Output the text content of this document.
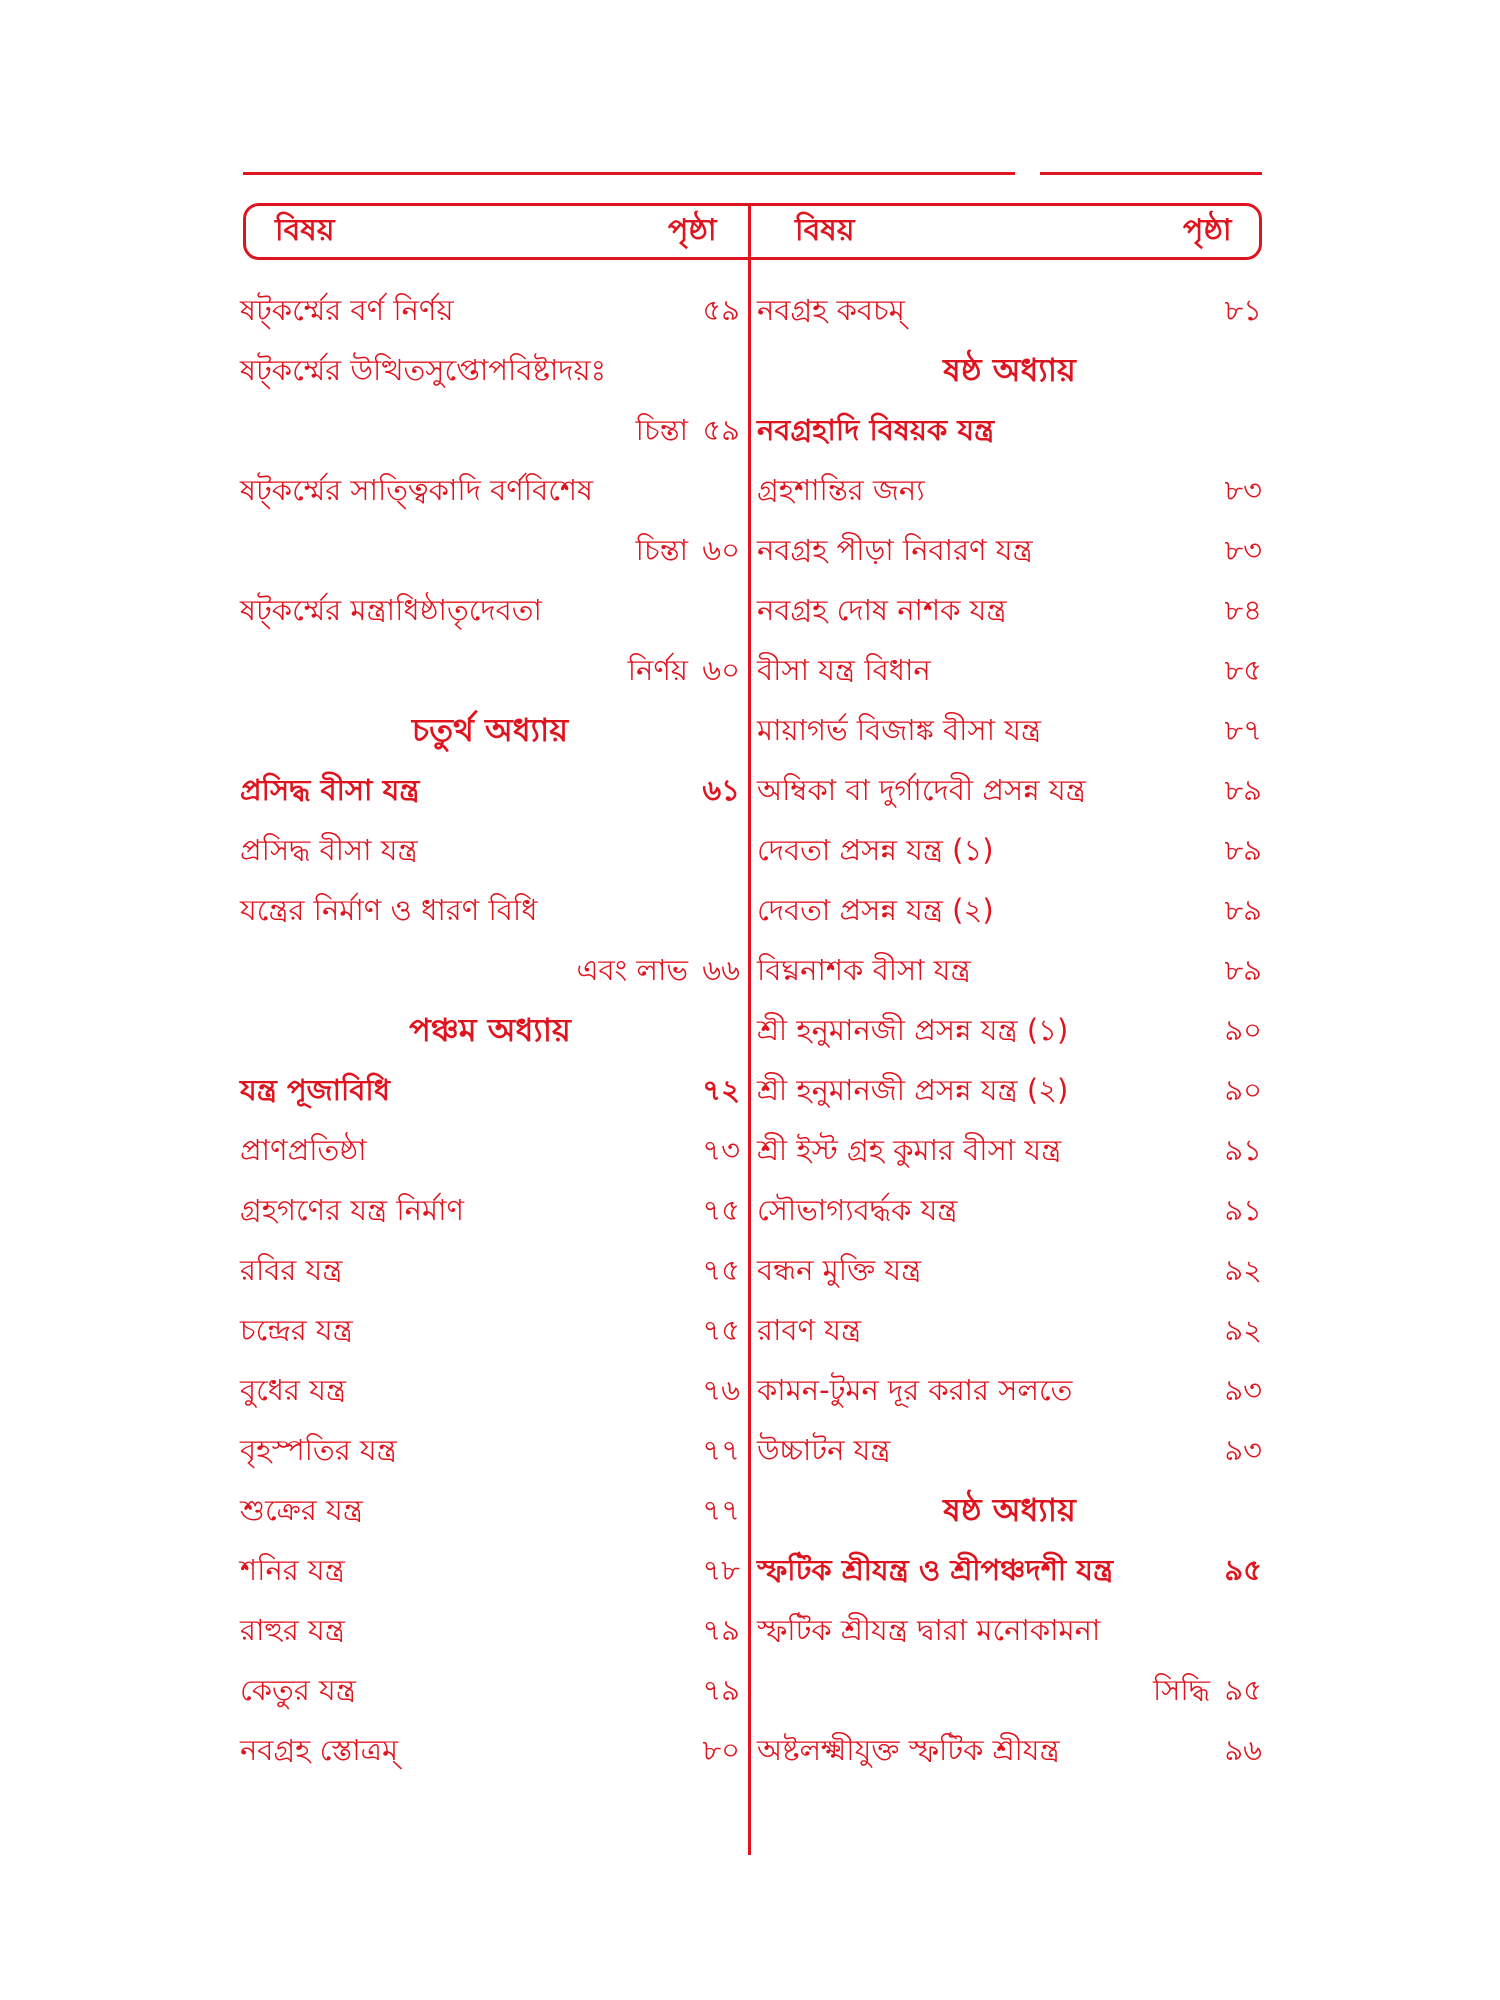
বিষয়	পৃষ্ঠা	বিষয়	পৃষ্ঠা
ষট্‌কর্ম্মের বর্ণ নির্ণয়	৫৯
ষট্‌কর্ম্মের উত্থিতসুপ্তোপবিষ্টাদয়ঃ
চিন্তা ৫৯
ষট্‌কর্ম্মের সাত্ত্বিকাদি বর্ণবিশেষ
চিন্তা ৬০
ষট্‌কর্ম্মের মন্ত্রাধিষ্ঠাতৃদেবতা
নির্ণয় ৬০
চতুর্থ অধ্যায়
প্রসিদ্ধ বীসা যন্ত্র	৬১
প্রসিদ্ধ বীসা যন্ত্র
যন্ত্রের নির্মাণ ও ধারণ বিধি
এবং লাভ ৬৬
পঞ্চম অধ্যায়
যন্ত্র পূজাবিধি	৭২
প্রাণপ্রতিষ্ঠা	৭৩
গ্রহগণের যন্ত্র নির্মাণ	৭৫
রবির যন্ত্র	৭৫
চন্দ্রের যন্ত্র	৭৫
বুধের যন্ত্র	৭৬
বৃহস্পতির যন্ত্র	৭৭
শুক্রের যন্ত্র	৭৭
শনির যন্ত্র	৭৮
রাহুর যন্ত্র	৭৯
কেতুর যন্ত্র	৭৯
নবগ্রহ স্তোত্রম্‌	৮০
নবগ্রহ কবচম্‌	৮১
ষষ্ঠ অধ্যায়
নবগ্রহাদি বিষয়ক যন্ত্র
গ্রহশান্তির জন্য	৮৩
নবগ্রহ পীড়া নিবারণ যন্ত্র	৮৩
নবগ্রহ দোষ নাশক যন্ত্র	৮৪
বীসা যন্ত্র বিধান	৮৫
মায়াগর্ভ বিজাঙ্ক বীসা যন্ত্র	৮৭
অম্বিকা বা দুর্গাদেবী প্রসন্ন যন্ত্র	৮৯
দেবতা প্রসন্ন যন্ত্র (১)	৮৯
দেবতা প্রসন্ন যন্ত্র (২)	৮৯
বিঘ্ননাশক বীসা যন্ত্র	৮৯
শ্রী হনুমানজী প্রসন্ন যন্ত্র (১)	৯০
শ্রী হনুমানজী প্রসন্ন যন্ত্র (২)	৯০
শ্রী ইস্ট গ্রহ কুমার বীসা যন্ত্র	৯১
সৌভাগ্যবর্দ্ধক যন্ত্র	৯১
বন্ধন মুক্তি যন্ত্র	৯২
রাবণ যন্ত্র	৯২
কামন-টুমন দূর করার সলতে	৯৩
উচ্চাটন যন্ত্র	৯৩
ষষ্ঠ অধ্যায়
স্ফটিক শ্রীযন্ত্র ও শ্রীপঞ্চদশী যন্ত্র	৯৫
স্ফটিক শ্রীযন্ত্র দ্বারা মনোকামনা
সিদ্ধি ৯৫
অষ্টলক্ষ্মীযুক্ত স্ফটিক শ্রীযন্ত্র	৯৬
